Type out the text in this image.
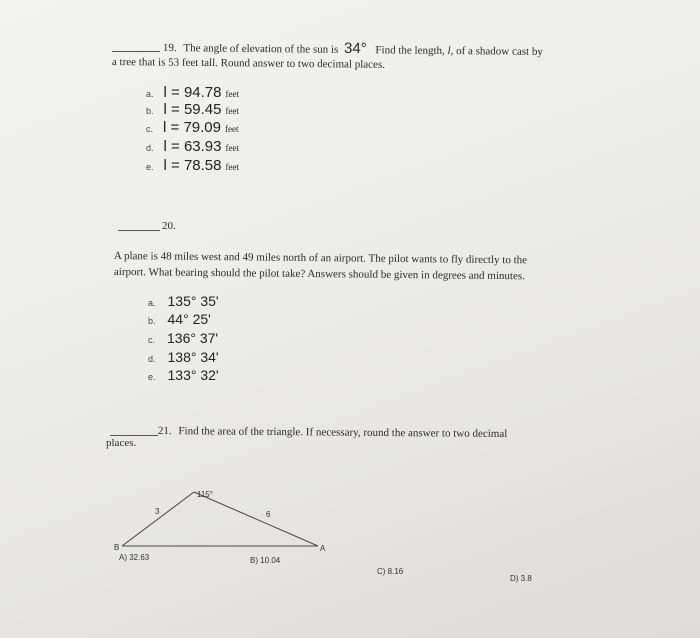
19. The angle of elevation of the sun is 34° Find the length, l, of a shadow cast by
a tree that is 53 feet tall. Round answer to two decimal places.
a. l = 94.78 feet
b. l = 59.45 feet
c. l = 79.09 feet
d. l = 63.93 feet
e. l = 78.58 feet
20.
A plane is 48 miles west and 49 miles north of an airport. The pilot wants to fly directly to the
airport. What bearing should the pilot take? Answers should be given in degrees and minutes.
a. 135° 35'
b. 44° 25'
c. 136° 37'
d. 138° 34'
e. 133° 32'
21. Find the area of the triangle. If necessary, round the answer to two decimal
places.
115°
3	6
B	A
A) 32.63	B) 10.04
C) 8.16
D) 3.8
